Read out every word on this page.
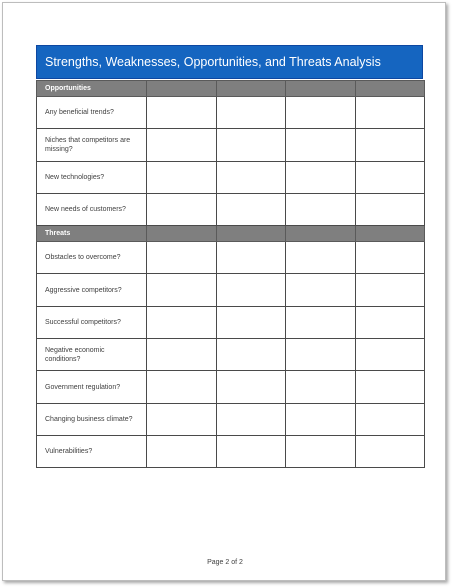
Strengths, Weaknesses, Opportunities, and Threats Analysis
Opportunities				
Any beneficial trends?				
Niches that competitors are missing?				
New technologies?				
New needs of customers?				
Threats				
Obstacles to overcome?				
Aggressive competitors?				
Successful competitors?				
Negative economic conditions?				
Government regulation?				
Changing business climate?				
Vulnerabilities?				
Page 2 of 2
